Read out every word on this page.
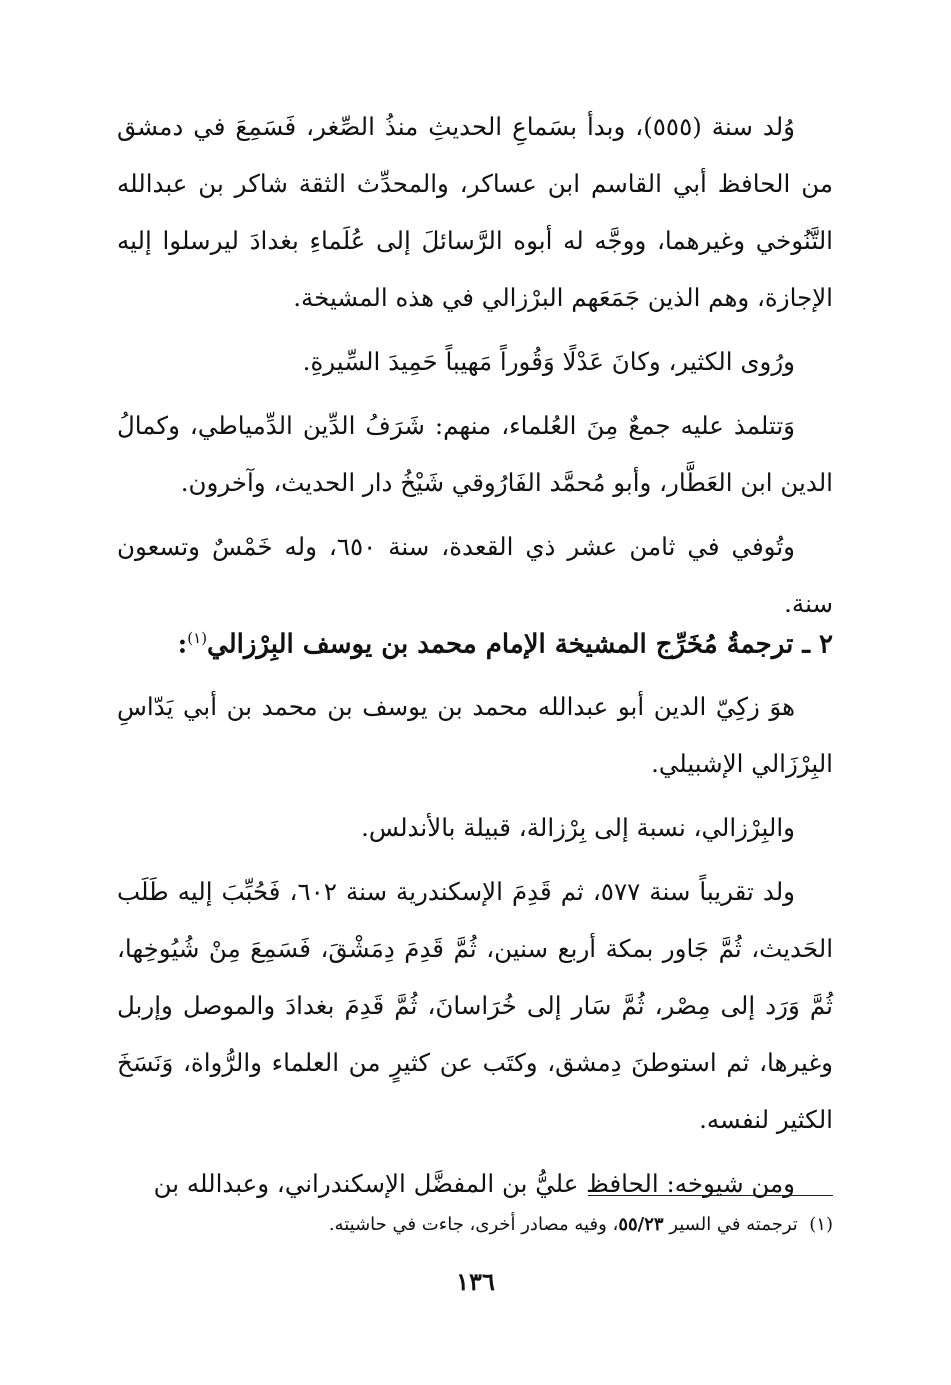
وُلد سنة (٥٥٥)، وبدأ بسَماعِ الحديثِ منذُ الصِّغر، فَسَمِعَ في دمشق من الحافظ أبي القاسم ابن عساكر، والمحدِّث الثقة شاكر بن عبدالله التَّنُوخي وغيرهما، ووجَّه له أبوه الرَّسائلَ إلى عُلَماءِ بغدادَ ليرسلوا إليه الإجازة، وهم الذين جَمَعَهم البرْزالي في هذه المشيخة.

ورُوى الكثير، وكانَ عَدْلًا وَقُوراً مَهيباً حَمِيدَ السِّيرةِ.

وَتتلمذ عليه جمعٌ مِنَ العُلماء، منهم: شَرَفُ الدِّين الدِّمياطي، وكمالُ الدين ابن العَطَّار، وأبو مُحمَّد الفَارُوقي شَيْخُ دار الحديث، وآخرون.

وتُوفي في ثامن عشر ذي القعدة، سنة ٦٥٠، وله خَمْسٌ وتسعون سنة.

٢ ـ ترجمةُ مُخَرِّج المشيخة الإمام محمد بن يوسف البِرْزالي$^{(١)}$:

هوَ زكِيّ الدين أبو عبدالله محمد بن يوسف بن محمد بن أبي يَدّاسِ البِرْزَالي الإشبيلي.

والبِرْزالي، نسبة إلى بِرْزالة، قبيلة بالأندلس.

ولد تقريباً سنة ٥٧٧، ثم قَدِمَ الإسكندرية سنة ٦٠٢، فَحُبِّبَ إليه طَلَب الحَديث، ثُمَّ جَاور بمكة أربع سنين، ثُمَّ قَدِمَ دِمَشْقَ، فَسَمِعَ مِنْ شُيُوخِها، ثُمَّ وَرَد إلى مِصْر، ثُمَّ سَار إلى خُرَاسانَ، ثُمَّ قَدِمَ بغدادَ والموصل وإربل وغيرها، ثم استوطنَ دِمشق، وكتَب عن كثيرٍ من العلماء والرُّواة، وَنَسَخَ الكثير لنفسه.

ومن شيوخه: الحافظ عليُّ بن المفضَّل الإسكندراني، وعبدالله بن

(١)  ترجمته في السير ٥٥/٢٣، وفيه مصادر أخرى، جاءت في حاشيته.
١٣٦
